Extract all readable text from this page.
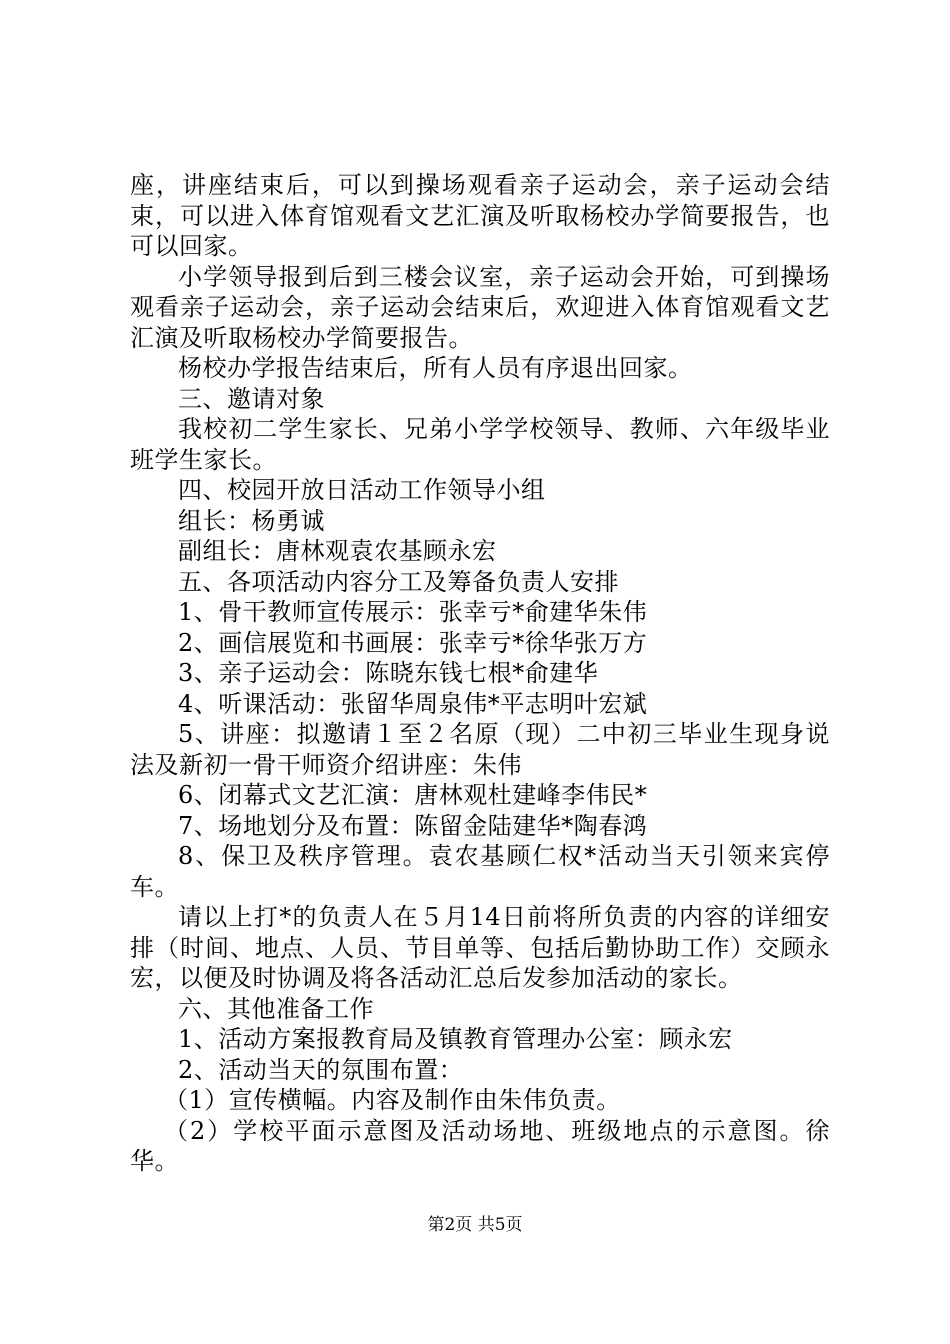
座，讲座结束后，可以到操场观看亲子运动会，亲子运动会结束，可以进入体育馆观看文艺汇演及听取杨校办学简要报告，也可以回家。

小学领导报到后到三楼会议室，亲子运动会开始，可到操场观看亲子运动会，亲子运动会结束后，欢迎进入体育馆观看文艺汇演及听取杨校办学简要报告。

杨校办学报告结束后，所有人员有序退出回家。

三、邀请对象

我校初二学生家长、兄弟小学学校领导、教师、六年级毕业班学生家长。

四、校园开放日活动工作领导小组

组长：杨勇诚

副组长：唐林观袁农基顾永宏

五、各项活动内容分工及筹备负责人安排

1、骨干教师宣传展示：张幸亏*俞建华朱伟

2、画信展览和书画展：张幸亏*徐华张万方

3、亲子运动会：陈晓东钱七根*俞建华

4、听课活动：张留华周泉伟*平志明叶宏斌

5、讲座：拟邀请１至２名原（现）二中初三毕业生现身说法及新初一骨干师资介绍讲座：朱伟

6、闭幕式文艺汇演：唐林观杜建峰李伟民*

7、场地划分及布置：陈留金陆建华*陶春鸿

8、保卫及秩序管理。袁农基顾仁权*活动当天引领来宾停车。

请以上打*的负责人在５月14日前将所负责的内容的详细安排（时间、地点、人员、节目单等、包括后勤协助工作）交顾永宏，以便及时协调及将各活动汇总后发参加活动的家长。

六、其他准备工作

1、活动方案报教育局及镇教育管理办公室：顾永宏

2、活动当天的氛围布置：

（1）宣传横幅。内容及制作由朱伟负责。

（2）学校平面示意图及活动场地、班级地点的示意图。徐华。

第2页 共5页
